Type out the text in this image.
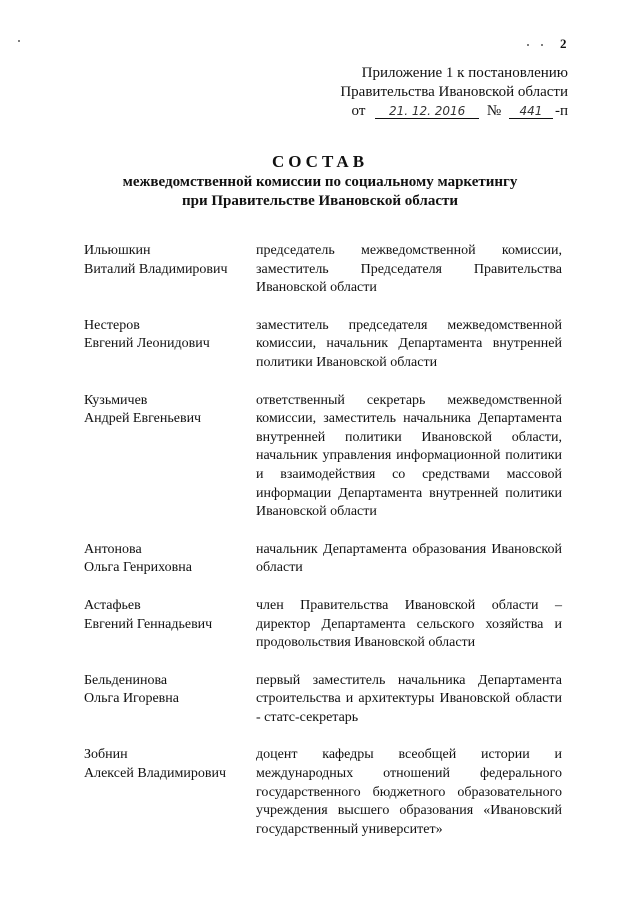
2
Приложение 1 к постановлению
Правительства Ивановской области
от 21. 12. 2016 № 441 -п
СОСТАВ
межведомственной комиссии по социальному маркетингу
при Правительстве Ивановской области
Ильюшкин
Виталий Владимирович
председатель межведомственной комиссии, заместитель Председателя Правительства Ивановской области
Нестеров
Евгений Леонидович
заместитель председателя межведомственной комиссии, начальник Департамента внутренней политики Ивановской области
Кузьмичев
Андрей Евгеньевич
ответственный секретарь межведомственной комиссии, заместитель начальника Департамента внутренней политики Ивановской области, начальник управления информационной политики и взаимодействия со средствами массовой информации Департамента внутренней политики Ивановской области
Антонова
Ольга Генриховна
начальник Департамента образования Ивановской области
Астафьев
Евгений Геннадьевич
член Правительства Ивановской области – директор Департамента сельского хозяйства и продовольствия Ивановской области
Бельденинова
Ольга Игоревна
первый заместитель начальника Департамента строительства и архитектуры Ивановской области - статс-секретарь
Зобнин
Алексей Владимирович
доцент кафедры всеобщей истории и международных отношений федерального государственного бюджетного образовательного учреждения высшего образования «Ивановский государственный университет»
